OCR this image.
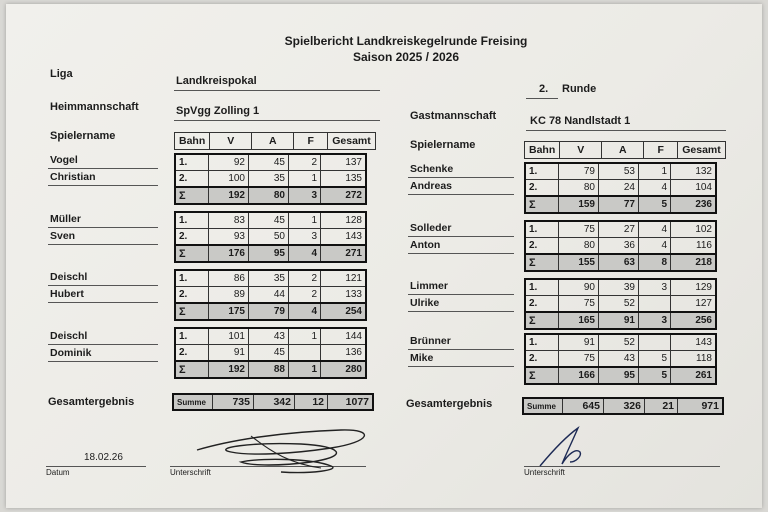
Spielbericht Landkreiskegelrunde Freising
Saison 2025 / 2026
Liga
Landkreispokal
2. Runde
Heimmannschaft	SpVgg Zolling 1	Gastmannschaft	KC 78 Nandlstadt 1
Spielername
Spielername
Bahn	V	A	F	Gesamt
Bahn	V	A	F	Gesamt
Vogel
Christian
1.	92	45	2	137
2.	100	35	1	135
Σ	192	80	3	272
Müller
Sven
1.	83	45	1	128
2.	93	50	3	143
Σ	176	95	4	271
Deischl
Hubert
1.	86	35	2	121
2.	89	44	2	133
Σ	175	79	4	254
Deischl
Dominik
1.	101	43	1	144
2.	91	45		136
Σ	192	88	1	280
Schenke
Andreas
1.	79	53	1	132
2.	80	24	4	104
Σ	159	77	5	236
Solleder
Anton
1.	75	27	4	102
2.	80	36	4	116
Σ	155	63	8	218
Limmer
Ulrike
1.	90	39	3	129
2.	75	52		127
Σ	165	91	3	256
Brünner
Mike
1.	91	52		143
2.	75	43	5	118
Σ	166	95	5	261
Gesamtergebnis	Summe	735	342	12	1077	Gesamtergebnis	Summe	645	326	21	971
18.02.26
Datum	Unterschrift	Unterschrift
